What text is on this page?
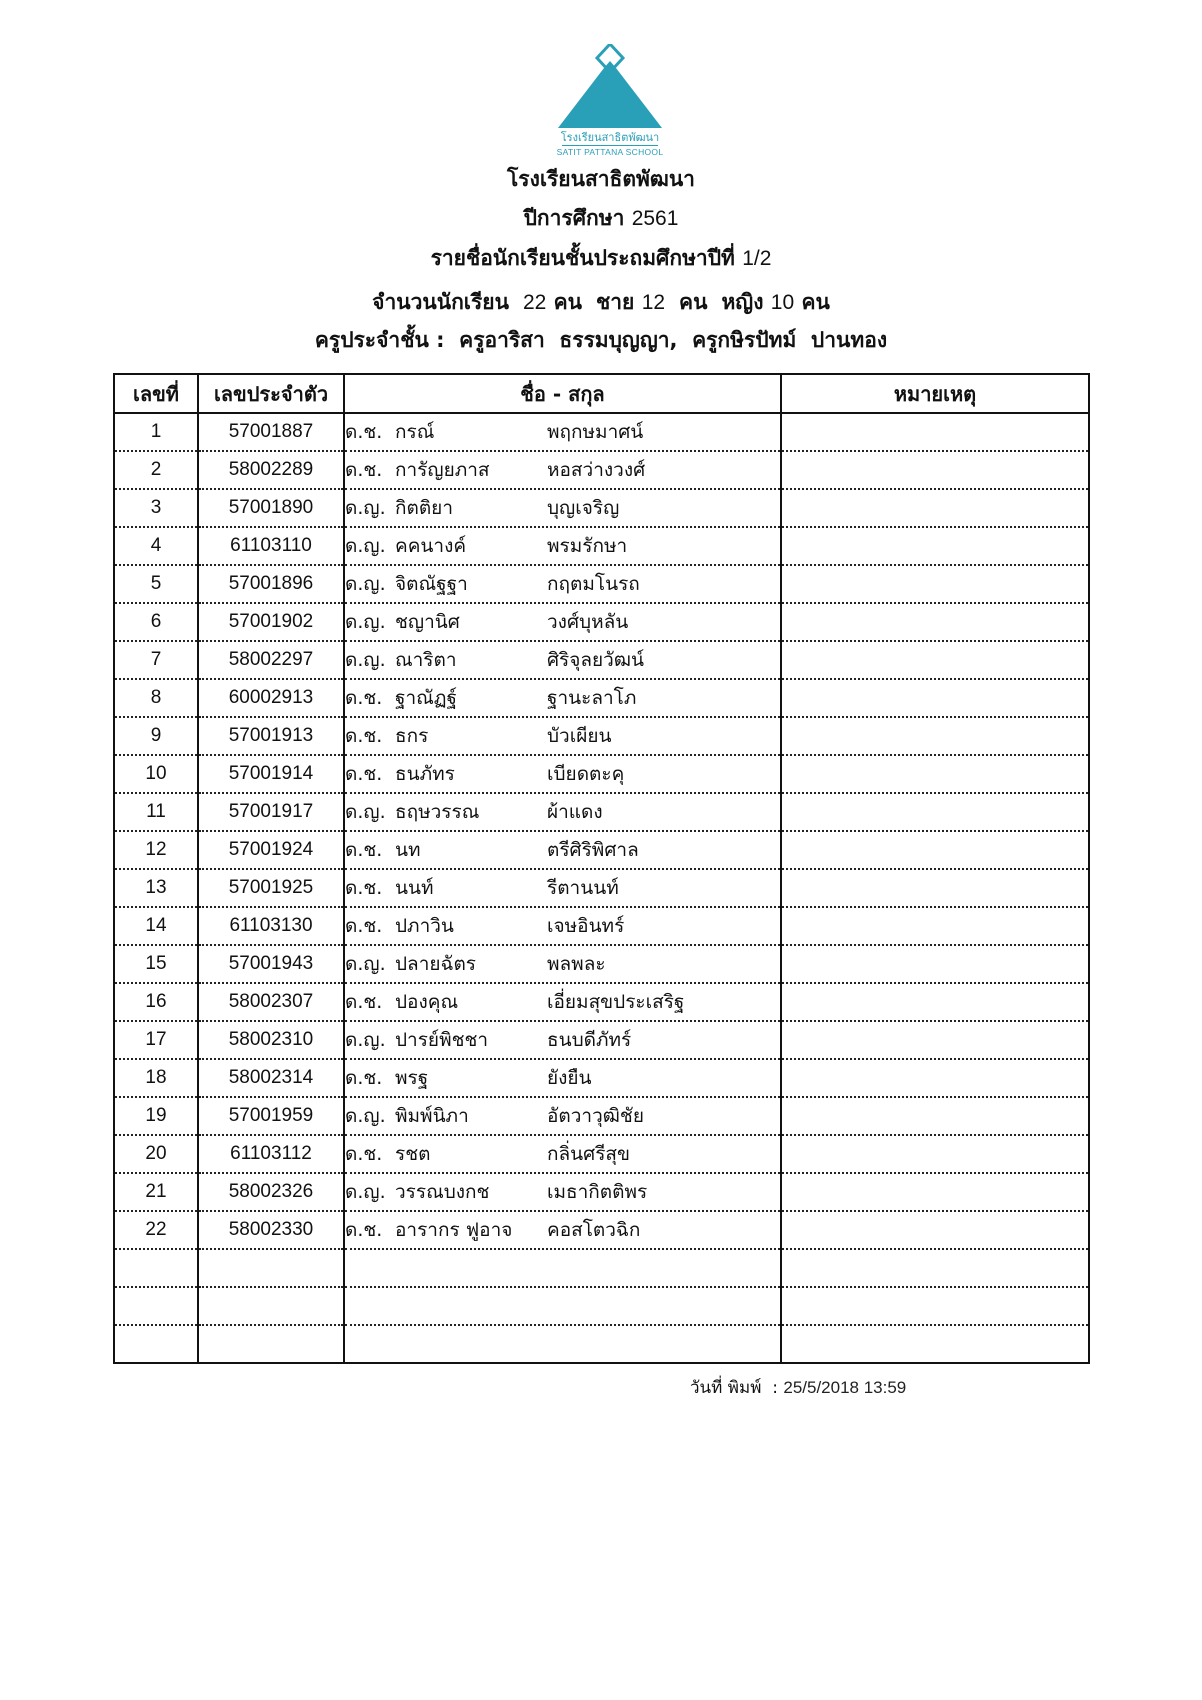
โรงเรียนสาธิตพัฒนา
SATIT PATTANA SCHOOL
โรงเรียนสาธิตพัฒนา
ปีการศึกษา 2561
รายชื่อนักเรียนชั้นประถมศึกษาปีที่ 1/2
จำนวนนักเรียน 22 คน ชาย 12 คน หญิง 10 คน
ครูประจำชั้น : ครูอาริสา  ธรรมบุญญา,  ครูกษิรปัทม์  ปานทอง
เลขที่	เลขประจำตัว	ชื่อ - สกุล	หมายเหตุ
1	57001887	ด.ช. กรณ์ พฤกษมาศน์	
2	58002289	ด.ช. การัญยภาส หอสว่างวงศ์	
3	57001890	ด.ญ. กิตติยา บุญเจริญ	
4	61103110	ด.ญ. คคนางค์ พรมรักษา	
5	57001896	ด.ญ. จิตณัฐฐา กฤตมโนรถ	
6	57001902	ด.ญ. ชญานิศ วงศ์บุหลัน	
7	58002297	ด.ญ. ณาริตา ศิริจุลยวัฒน์	
8	60002913	ด.ช. ฐาณัฏฐ์ ฐานะลาโภ	
9	57001913	ด.ช. ธกร บัวเผียน	
10	57001914	ด.ช. ธนภัทร เบียดตะคุ	
11	57001917	ด.ญ. ธฤษวรรณ ผ้าแดง	
12	57001924	ด.ช. นท ตรีศิริพิศาล	
13	57001925	ด.ช. นนท์ รีตานนท์	
14	61103130	ด.ช. ปภาวิน เจษอินทร์	
15	57001943	ด.ญ. ปลายฉัตร พลพละ	
16	58002307	ด.ช. ปองคุณ เอี่ยมสุขประเสริฐ	
17	58002310	ด.ญ. ปารย์พิชชา ธนบดีภัทร์	
18	58002314	ด.ช. พรฐ ยังยืน	
19	57001959	ด.ญ. พิมพ์นิภา อัตวาวุฒิชัย	
20	61103112	ด.ช. รชต กลิ่นศรีสุข	
21	58002326	ด.ญ. วรรณบงกช เมธากิตติพร	
22	58002330	ด.ช. อารากร ฟูอาจ คอสโตวฉิก	

วันที่ พิมพ์ : 25/5/2018 13:59
